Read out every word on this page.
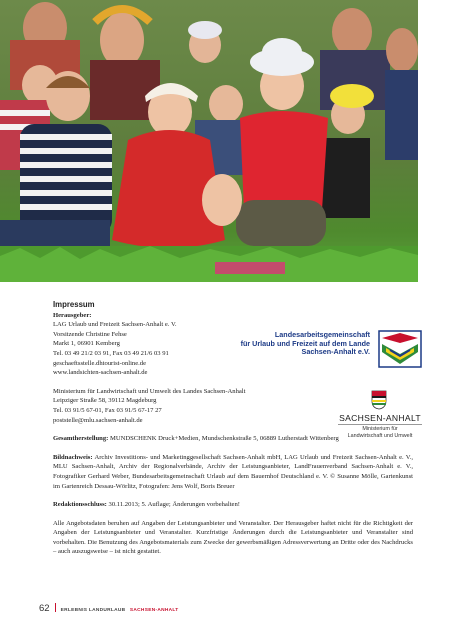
Landesarbeitsgemeinschaft
für Urlaub und Freizeit auf dem Lande
Sachsen-Anhalt e.V.
SACHSEN-ANHALT
Ministerium für
Landwirtschaft und Umwelt
Impressum
Herausgeber:
LAG Urlaub und Freizeit Sachsen-Anhalt e. V.
Vorsitzende Christine Fehse
Markt 1, 06901 Kemberg
Tel. 03 49 21/2 03 91, Fax 03 49 21/6 03 91
geschaeftsstelle.dhtourist-online.de
www.landsichten-sachsen-anhalt.de
Ministerium für Landwirtschaft und Umwelt des Landes Sachsen-Anhalt
Leipziger Straße 58, 39112 Magdeburg
Tel. 03 91/5 67-01, Fax 03 91/5 67-17 27
poststelle@mlu.sachsen-anhalt.de
Gesamtherstellung: MUNDSCHENK Druck+Medien, Mundschenkstraße 5, 06889 Lutherstadt Wittenberg
Bildnachweis: Archiv Investitions- und Marketinggesellschaft Sachsen-Anhalt mbH, LAG Urlaub und Freizeit Sachsen-Anhalt e. V., MLU Sachsen-Anhalt, Archiv der Regionalverbände, Archiv der Leistungsanbieter, LandFrauenverband Sachsen-Anhalt e. V., Fotografiker Gerhard Weber, Bundesarbeitsgemeinschaft Urlaub auf dem Bauernhof Deutschland e. V. © Susanne Mölle, Gartenkunst im Gartenreich Dessau-Wörlitz, Fotografen: Jens Wolf, Boris Breuer
Redaktionsschluss: 30.11.2013; 5. Auflage; Änderungen vorbehalten!
Alle Angebotsdaten beruhen auf Angaben der Leistungsanbieter und Veranstalter. Der Herausgeber haftet nicht für die Richtigkeit der Angaben der Leistungsanbieter und Veranstalter. Kurzfristige Änderungen durch die Leistungsanbieter und Veranstalter sind vorbehalten. Die Benutzung des Angebotsmaterials zum Zwecke der gewerbsmäßigen Adressverwertung an Dritte oder des Nachdrucks – auch auszugsweise – ist nicht gestattet.
62 ERLEBNIS LANDURLAUB SACHSEN-ANHALT
